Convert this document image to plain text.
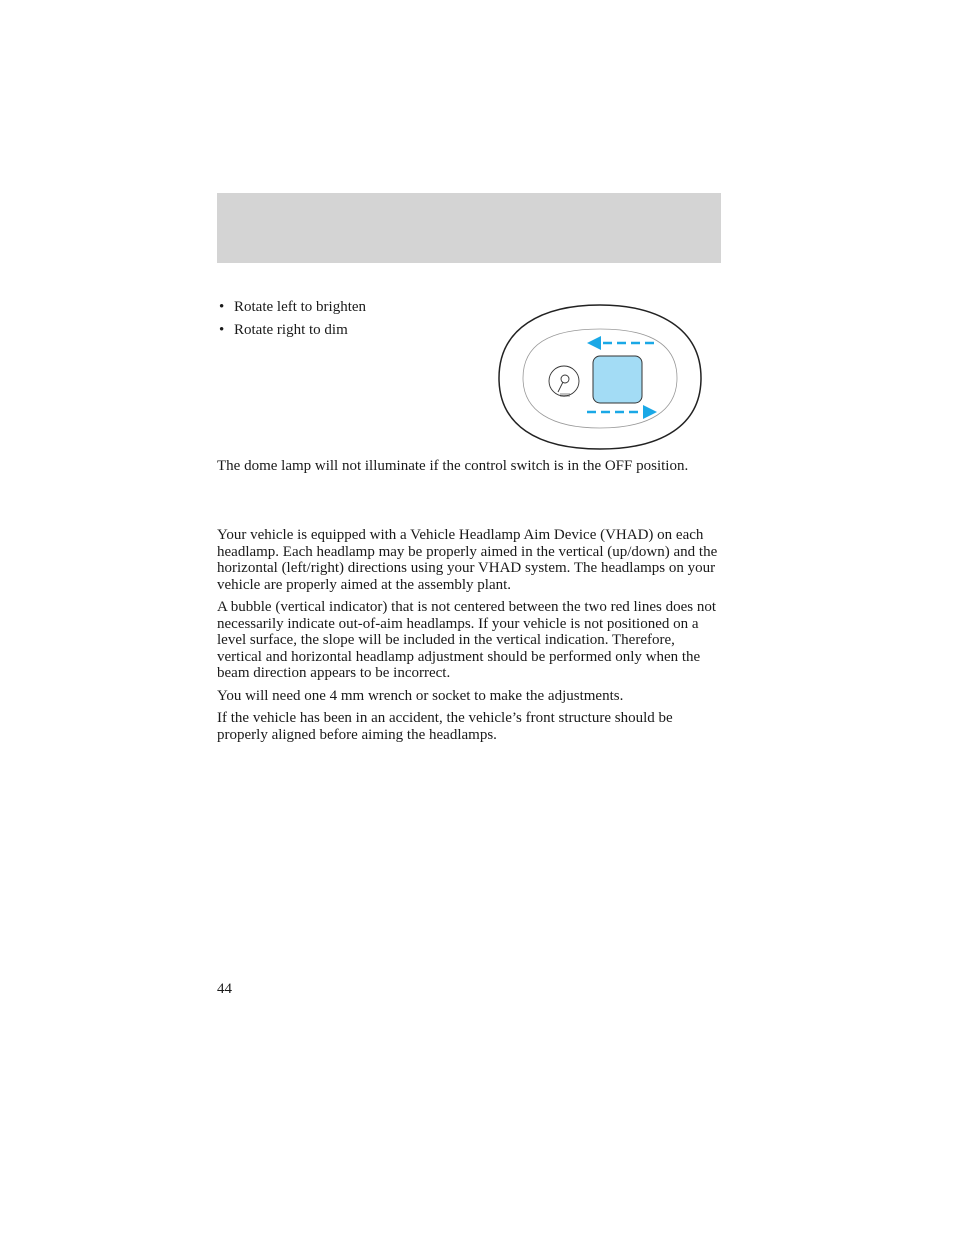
• Rotate left to brighten
• Rotate right to dim

The dome lamp will not illuminate if the control switch is in the OFF position.

Your vehicle is equipped with a Vehicle Headlamp Aim Device (VHAD) on each headlamp. Each headlamp may be properly aimed in the vertical (up/down) and the horizontal (left/right) directions using your VHAD system. The headlamps on your vehicle are properly aimed at the assembly plant.

A bubble (vertical indicator) that is not centered between the two red lines does not necessarily indicate out-of-aim headlamps. If your vehicle is not positioned on a level surface, the slope will be included in the vertical indication. Therefore, vertical and horizontal headlamp adjustment should be performed only when the beam direction appears to be incorrect.

You will need one 4 mm wrench or socket to make the adjustments.

If the vehicle has been in an accident, the vehicle’s front structure should be properly aligned before aiming the headlamps.

44
